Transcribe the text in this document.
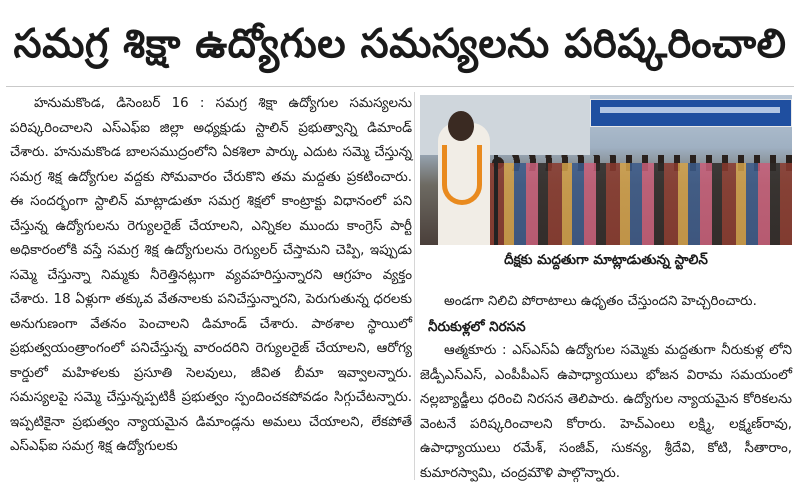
సమగ్ర శిక్షా ఉద్యోగుల సమస్యలను పరిష్కరించాలి

హనుమకొండ, డిసెంబర్ 16 : సమగ్ర శిక్షా ఉద్యోగుల సమస్యలను పరిష్కరించాలని ఎస్ఎఫ్ఐ జిల్లా అధ్యక్షుడు స్టాలిన్ ప్రభుత్వాన్ని డిమాండ్ చేశారు. హనుమకొండ బాలసముద్రంలోని ఏకశిలా పార్కు ఎదుట సమ్మె చేస్తున్న సమగ్ర శిక్ష ఉద్యోగుల వద్దకు సోమవారం చేరుకొని తమ మద్దతు ప్రకటించారు. ఈ సందర్భంగా స్టాలిన్ మాట్లాడుతూ సమగ్ర శిక్షలో కాంట్రాక్టు విధానంలో పని చేస్తున్న ఉద్యోగులను రెగ్యులరైజ్ చేయాలని, ఎన్నికల ముందు కాంగ్రెస్ పార్టీ అధికారంలోకి వస్తే సమగ్ర శిక్ష ఉద్యోగులను రెగ్యులర్ చేస్తామని చెప్పి, ఇప్పుడు సమ్మె చేస్తున్నా నిమ్మకు నీరెత్తినట్లుగా వ్యవహరిస్తున్నారని ఆగ్రహం వ్యక్తం చేశారు. 18 ఏళ్లుగా తక్కువ వేతనాలకు పనిచేస్తున్నారని, పెరుగుతున్న ధరలకు అనుగుణంగా వేతనం పెంచాలని డిమాండ్ చేశారు. పాఠశాల స్థాయిలో ప్రభుత్వయంత్రాంగంలో పనిచేస్తున్న వారందరిని రెగ్యులరైజ్ చేయాలని, ఆరోగ్య కార్డులో మహిళలకు ప్రసూతి సెలవులు, జీవిత బీమా ఇవ్వాలన్నారు. సమస్యలపై సమ్మె చేస్తున్నప్పటికీ ప్రభుత్వం స్పందించకపోవడం సిగ్గుచేటన్నారు. ఇప్పటికైనా ప్రభుత్వం న్యాయమైన డిమాండ్లను అమలు చేయాలని, లేకపోతే ఎస్ఎఫ్ఐ సమగ్ర శిక్ష ఉద్యోగులకు

దీక్షకు మద్దతుగా మాట్లాడుతున్న స్టాలిన్

అండగా నిలిచి పోరాటాలు ఉధృతం చేస్తుందని హెచ్చరించారు.

నీరుకుళ్లలో నిరసన

ఆత్మకూరు : ఎస్ఎస్ఏ ఉద్యోగుల సమ్మెకు మద్దతుగా నీరుకుళ్ల లోని జెడ్పీఎస్ఎస్, ఎంపీపీఎస్ ఉపాధ్యాయులు భోజన విరామ సమయంలో నల్లబ్యాడ్జీలు ధరించి నిరసన తెలిపారు. ఉద్యోగుల న్యాయమైన కోరికలను వెంటనే పరిష్కరించాలని కోరారు. హెచ్ఎంలు లక్ష్మి, లక్ష్మణ్‌రావు, ఉపాధ్యాయులు రమేశ్, సంజీవ్, సుకన్య, శ్రీదేవి, కోటి, సీతారాం, కుమారస్వామి, చంద్రమౌళి పాల్గొన్నారు.
